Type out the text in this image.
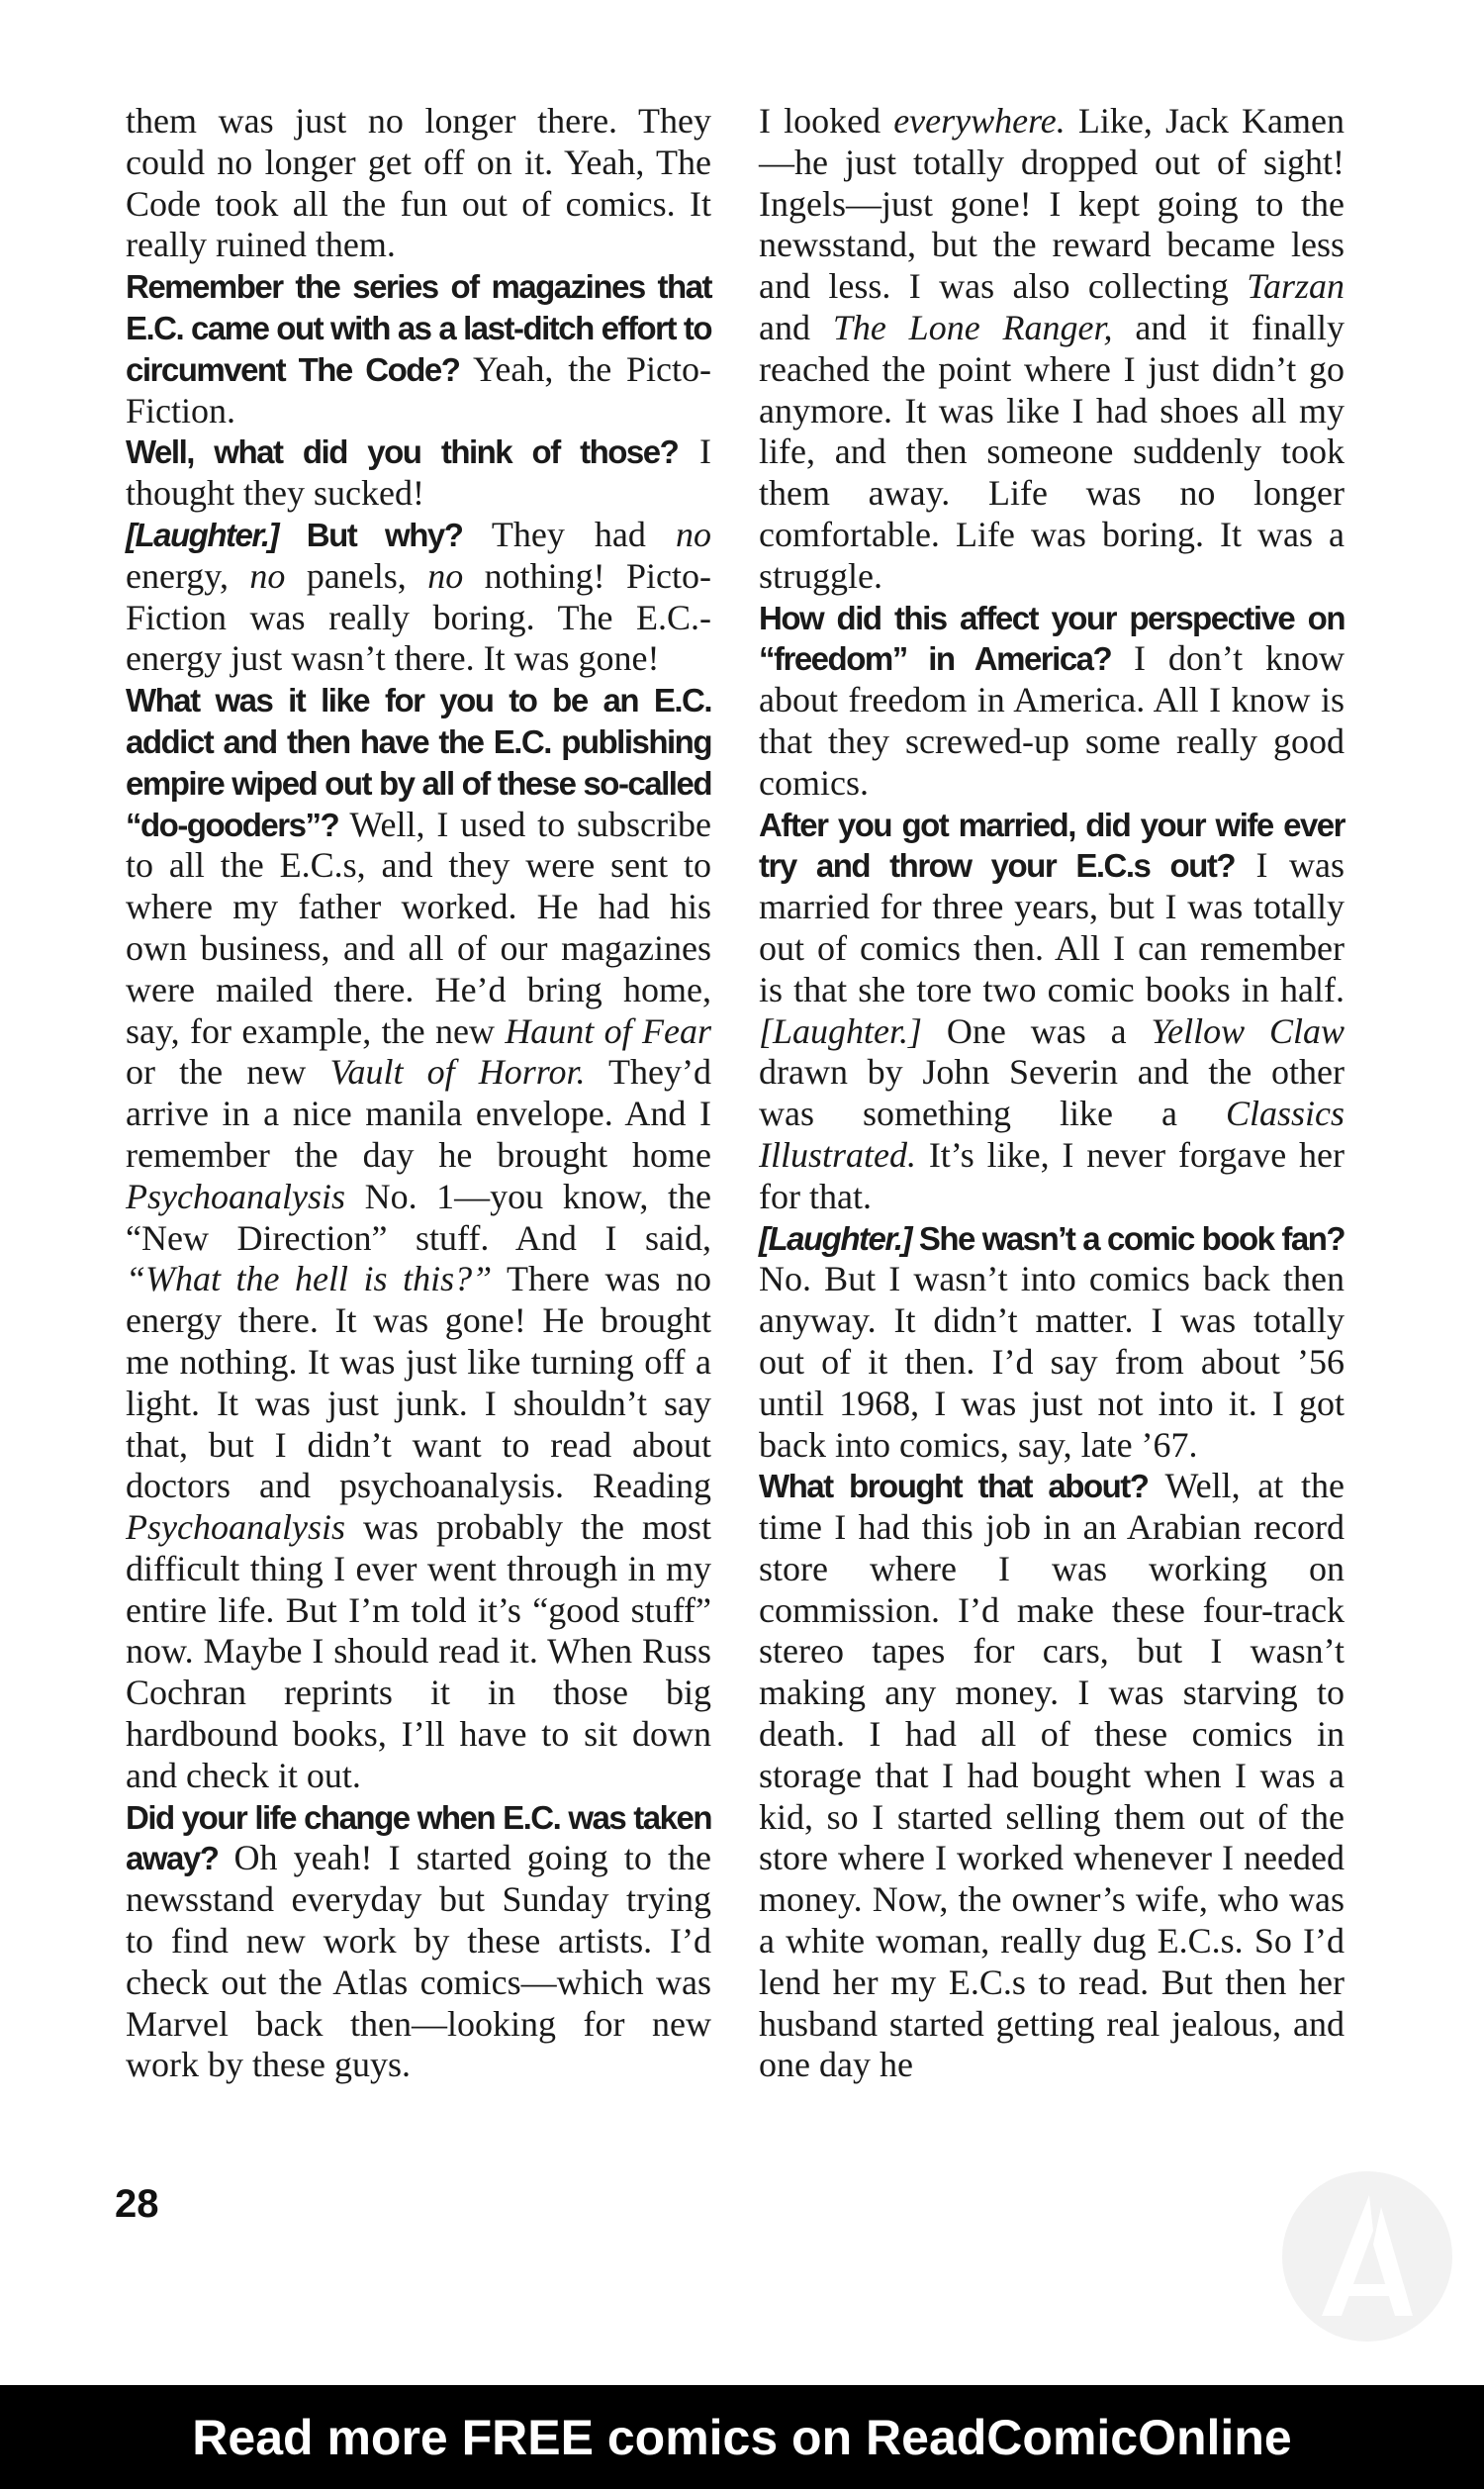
them was just no longer there. They could no longer get off on it. Yeah, The Code took all the fun out of comics. It really ruined them.

Remember the series of magazines that E.C. came out with as a last-ditch effort to circumvent The Code? Yeah, the Picto-Fiction.

Well, what did you think of those? I thought they sucked!

[Laughter.] But why? They had no energy, no panels, no nothing! Picto-Fiction was really boring. The E.C.-energy just wasn’t there. It was gone!

What was it like for you to be an E.C. addict and then have the E.C. publishing empire wiped out by all of these so-called “do-gooders”? Well, I used to subscribe to all the E.C.s, and they were sent to where my father worked. He had his own business, and all of our magazines were mailed there. He’d bring home, say, for example, the new Haunt of Fear or the new Vault of Horror. They’d arrive in a nice manila envelope. And I remember the day he brought home Psychoanalysis No. 1—you know, the “New Direction” stuff. And I said, “What the hell is this?” There was no energy there. It was gone! He brought me nothing. It was just like turning off a light. It was just junk. I shouldn’t say that, but I didn’t want to read about doctors and psychoanalysis. Reading Psychoanalysis was probably the most difficult thing I ever went through in my entire life. But I’m told it’s “good stuff” now. Maybe I should read it. When Russ Cochran reprints it in those big hardbound books, I’ll have to sit down and check it out.

Did your life change when E.C. was taken away? Oh yeah! I started going to the newsstand everyday but Sunday trying to find new work by these artists. I’d check out the Atlas comics—which was Marvel back then—looking for new work by these guys.

I looked everywhere. Like, Jack Kamen—he just totally dropped out of sight! Ingels—just gone! I kept going to the newsstand, but the reward became less and less. I was also collecting Tarzan and The Lone Ranger, and it finally reached the point where I just didn’t go anymore. It was like I had shoes all my life, and then someone suddenly took them away. Life was no longer comfortable. Life was boring. It was a struggle.

How did this affect your perspective on “freedom” in America? I don’t know about freedom in America. All I know is that they screwed-up some really good comics.

After you got married, did your wife ever try and throw your E.C.s out? I was married for three years, but I was totally out of comics then. All I can remember is that she tore two comic books in half. [Laughter.] One was a Yellow Claw drawn by John Severin and the other was something like a Classics Illustrated. It’s like, I never forgave her for that.

[Laughter.] She wasn’t a comic book fan? No. But I wasn’t into comics back then anyway. It didn’t matter. I was totally out of it then. I’d say from about ’56 until 1968, I was just not into it. I got back into comics, say, late ’67.

What brought that about? Well, at the time I had this job in an Arabian record store where I was working on commission. I’d make these four-track stereo tapes for cars, but I wasn’t making any money. I was starving to death. I had all of these comics in storage that I had bought when I was a kid, so I started selling them out of the store where I worked whenever I needed money. Now, the owner’s wife, who was a white woman, really dug E.C.s. So I’d lend her my E.C.s to read. But then her husband started getting real jealous, and one day he

28
Read more FREE comics on ReadComicOnline
